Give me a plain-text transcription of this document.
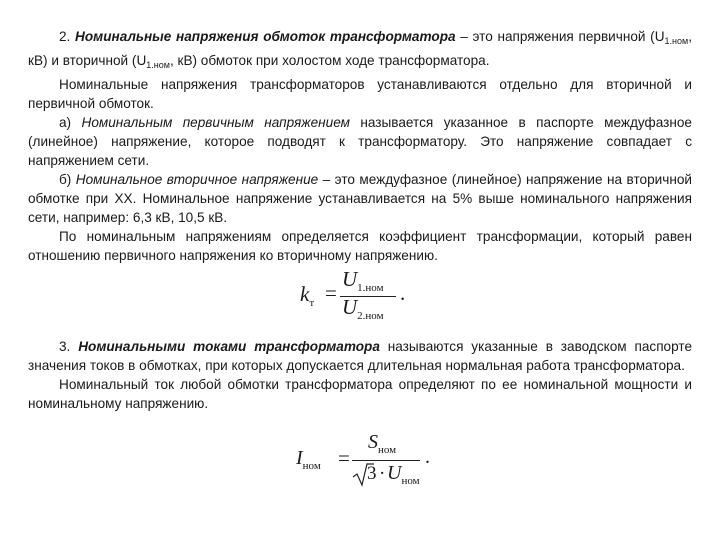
2. Номинальные напряжения обмоток трансформатора – это напряжения первичной ($U_{1.ном}$, кВ) и вторичной ($U_{1.ном}$, кВ) обмоток при холостом ходе трансформатора.
Номинальные напряжения трансформаторов устанавливаются отдельно для вторичной и первичной обмоток.
а) Номинальным первичным напряжением называется указанное в паспорте междуфазное (линейное) напряжение, которое подводят к трансформатору. Это напряжение совпадает с напряжением сети.
б) Номинальное вторичное напряжение – это междуфазное (линейное) напряжение на вторичной обмотке при ХХ. Номинальное напряжение устанавливается на 5% выше номинального напряжения сети, например: 6,3 кВ, 10,5 кВ.
По номинальным напряжениям определяется коэффициент трансформации, который равен отношению первичного напряжения ко вторичному напряжению.
$k_т$ =
$U_{1.ном}$
$U_{2.ном}$
.
3. Номинальными токами трансформатора называются указанные в заводском паспорте значения токов в обмотках, при которых допускается длительная нормальная работа трансформатора.
Номинальный ток любой обмотки трансформатора определяют по ее номинальной мощности и номинальному напряжению.
$I_{ном}$ =
$S_{ном}$
$3 \cdot U_{ном}$
.
